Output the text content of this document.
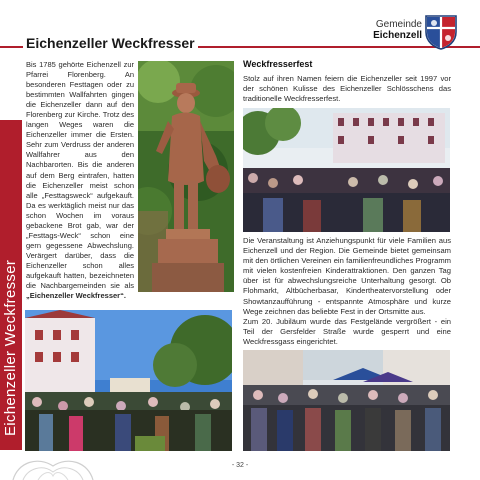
Eichenzeller Weckfresser
Gemeinde
Eichenzell
Eichenzeller Weckfresser
Bis 1785 gehörte Eichenzell zur Pfarrei Florenberg. An besonderen Festtagen oder zu bestimmten Wallfahrten gingen die Eichenzeller dann auf den Florenberg zur Kirche. Trotz des langen Weges waren die Eichenzeller immer die Ersten. Sehr zum Verdruss der anderen Wallfahrer aus den Nachbarorten. Bis die anderen auf dem Berg eintrafen, hatten die Eichenzeller meist schon alle „Festtagsweck“ aufgekauft. Da es werktäglich meist nur das schon Wochen im voraus gebackene Brot gab, war der „Festtags-Weck“ schon eine gern gegessene Abwechslung. Verärgert darüber, dass die Eichenzeller schon alles aufgekauft hatten, bezeichneten die Nachbargemeinden sie als „Eichenzeller Weckfresser“.
Weckfresserfest
Stolz auf ihren Namen feiern die Eichenzeller seit 1997 vor der schönen Kulisse des Eichenzeller Schlösschens das traditionelle Weckfresserfest.
Die Veranstaltung ist Anziehungspunkt für viele Familien aus Eichenzell und der Region. Die Gemeinde bietet gemeinsam mit den örtlichen Vereinen ein familienfreundliches Programm mit vielen kostenfreien Kinderattraktionen. Den ganzen Tag über ist für abwechslungsreiche Unterhaltung gesorgt. Ob Flohmarkt, Altbücherbasar, Kindertheatervorstellung oder Showtanzaufführung - entspannte Atmosphäre und kurze Wege zeichnen das beliebte Fest in der Ortsmitte aus.
Zum 20. Jubiläum wurde das Festgelände vergrößert - ein Teil der Gersfelder Straße wurde gesperrt und eine Weckfressgass eingerichtet.
- 32 -
